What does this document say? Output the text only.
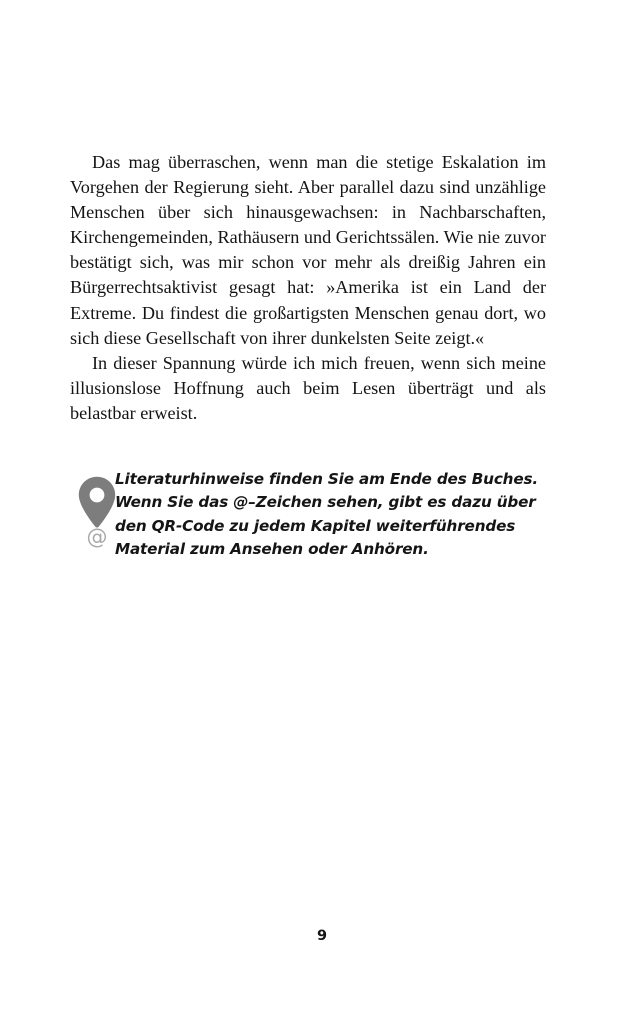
Das mag überraschen, wenn man die stetige Eskalation im Vorgehen der Regierung sieht. Aber parallel dazu sind unzählige Menschen über sich hinausgewachsen: in Nachbarschaften, Kirchengemeinden, Rathäusern und Gerichtssälen. Wie nie zuvor bestätigt sich, was mir schon vor mehr als dreißig Jahren ein Bürgerrechtsaktivist gesagt hat: »Amerika ist ein Land der Extreme. Du findest die großartigsten Menschen genau dort, wo sich diese Gesellschaft von ihrer dunkelsten Seite zeigt.«

In dieser Spannung würde ich mich freuen, wenn sich meine illusionslose Hoffnung auch beim Lesen überträgt und als belastbar erweist.

@

Literaturhinweise finden Sie am Ende des Buches. Wenn Sie das @–Zeichen sehen, gibt es dazu über den QR-Code zu jedem Kapitel weiterführendes Material zum Ansehen oder Anhören.

9
